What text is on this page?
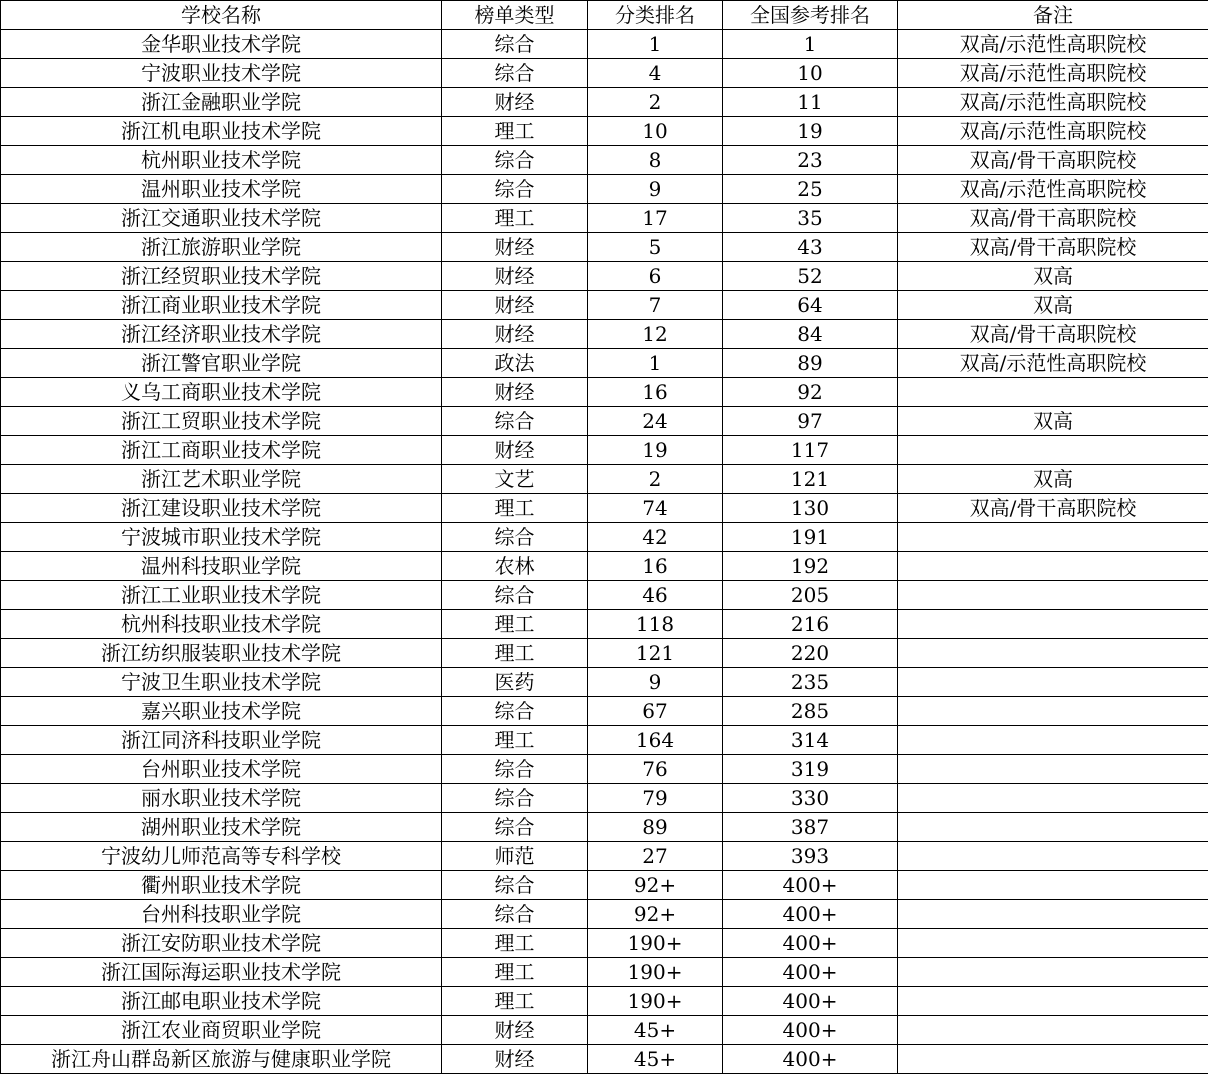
学校名称	榜单类型	分类排名	全国参考排名	备注
金华职业技术学院	综合	1	1	双高/示范性高职院校
宁波职业技术学院	综合	4	10	双高/示范性高职院校
浙江金融职业学院	财经	2	11	双高/示范性高职院校
浙江机电职业技术学院	理工	10	19	双高/示范性高职院校
杭州职业技术学院	综合	8	23	双高/骨干高职院校
温州职业技术学院	综合	9	25	双高/示范性高职院校
浙江交通职业技术学院	理工	17	35	双高/骨干高职院校
浙江旅游职业学院	财经	5	43	双高/骨干高职院校
浙江经贸职业技术学院	财经	6	52	双高
浙江商业职业技术学院	财经	7	64	双高
浙江经济职业技术学院	财经	12	84	双高/骨干高职院校
浙江警官职业学院	政法	1	89	双高/示范性高职院校
义乌工商职业技术学院	财经	16	92	
浙江工贸职业技术学院	综合	24	97	双高
浙江工商职业技术学院	财经	19	117	
浙江艺术职业学院	文艺	2	121	双高
浙江建设职业技术学院	理工	74	130	双高/骨干高职院校
宁波城市职业技术学院	综合	42	191	
温州科技职业学院	农林	16	192	
浙江工业职业技术学院	综合	46	205	
杭州科技职业技术学院	理工	118	216	
浙江纺织服装职业技术学院	理工	121	220	
宁波卫生职业技术学院	医药	9	235	
嘉兴职业技术学院	综合	67	285	
浙江同济科技职业学院	理工	164	314	
台州职业技术学院	综合	76	319	
丽水职业技术学院	综合	79	330	
湖州职业技术学院	综合	89	387	
宁波幼儿师范高等专科学校	师范	27	393	
衢州职业技术学院	综合	92+	400+	
台州科技职业学院	综合	92+	400+	
浙江安防职业技术学院	理工	190+	400+	
浙江国际海运职业技术学院	理工	190+	400+	
浙江邮电职业技术学院	理工	190+	400+	
浙江农业商贸职业学院	财经	45+	400+	
浙江舟山群岛新区旅游与健康职业学院	财经	45+	400+	
